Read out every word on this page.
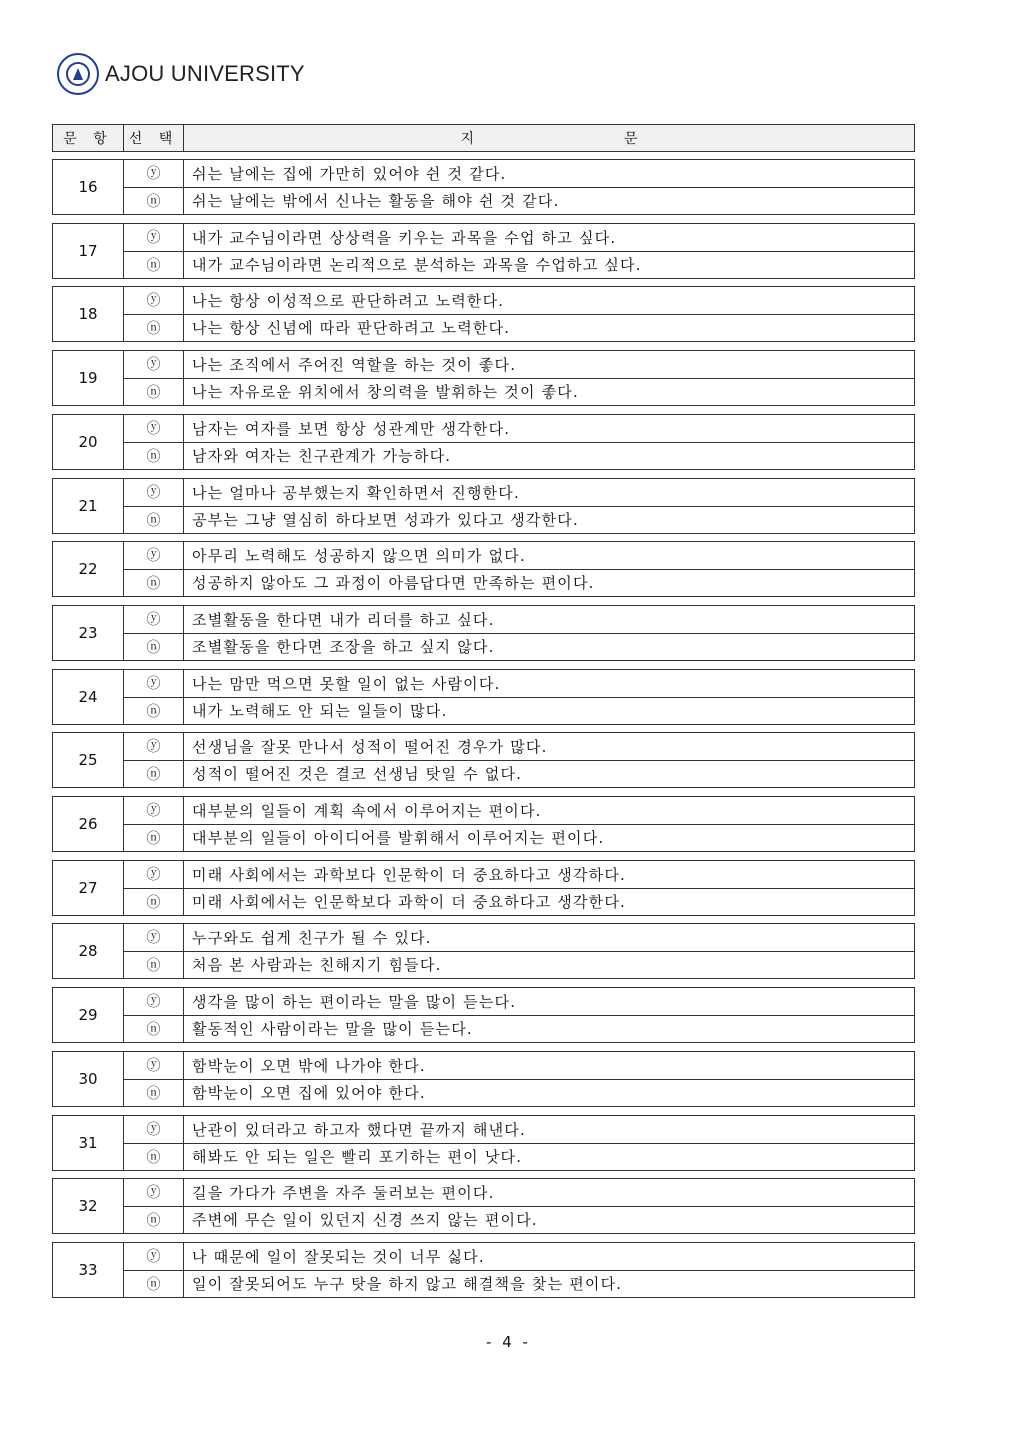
AJOU UNIVERSITY
문 항	선 택	지	문
16
ⓨ	쉬는 날에는 집에 가만히 있어야 쉰 것 같다.
ⓝ	쉬는 날에는 밖에서 신나는 활동을 해야 쉰 것 같다.
17
ⓨ	내가 교수님이라면 상상력을 키우는 과목을 수업 하고 싶다.
ⓝ	내가 교수님이라면 논리적으로 분석하는 과목을 수업하고 싶다.
18
ⓨ	나는 항상 이성적으로 판단하려고 노력한다.
ⓝ	나는 항상 신념에 따라 판단하려고 노력한다.
19
ⓨ	나는 조직에서 주어진 역할을 하는 것이 좋다.
ⓝ	나는 자유로운 위치에서 창의력을 발휘하는 것이 좋다.
20
ⓨ	남자는 여자를 보면 항상 성관계만 생각한다.
ⓝ	남자와 여자는 친구관계가 가능하다.
21
ⓨ	나는 얼마나 공부했는지 확인하면서 진행한다.
ⓝ	공부는 그냥 열심히 하다보면 성과가 있다고 생각한다.
22
ⓨ	아무리 노력해도 성공하지 않으면 의미가 없다.
ⓝ	성공하지 않아도 그 과정이 아름답다면 만족하는 편이다.
23
ⓨ	조별활동을 한다면 내가 리더를 하고 싶다.
ⓝ	조별활동을 한다면 조장을 하고 싶지 않다.
24
ⓨ	나는 맘만 먹으면 못할 일이 없는 사람이다.
ⓝ	내가 노력해도 안 되는 일들이 많다.
25
ⓨ	선생님을 잘못 만나서 성적이 떨어진 경우가 많다.
ⓝ	성적이 떨어진 것은 결코 선생님 탓일 수 없다.
26
ⓨ	대부분의 일들이 계획 속에서 이루어지는 편이다.
ⓝ	대부분의 일들이 아이디어를 발휘해서 이루어지는 편이다.
27
ⓨ	미래 사회에서는 과학보다 인문학이 더 중요하다고 생각하다.
ⓝ	미래 사회에서는 인문학보다 과학이 더 중요하다고 생각한다.
28
ⓨ	누구와도 쉽게 친구가 될 수 있다.
ⓝ	처음 본 사람과는 친해지기 힘들다.
29
ⓨ	생각을 많이 하는 편이라는 말을 많이 듣는다.
ⓝ	활동적인 사람이라는 말을 많이 듣는다.
30
ⓨ	함박눈이 오면 밖에 나가야 한다.
ⓝ	함박눈이 오면 집에 있어야 한다.
31
ⓨ	난관이 있더라고 하고자 했다면 끝까지 해낸다.
ⓝ	해봐도 안 되는 일은 빨리 포기하는 편이 낫다.
32
ⓨ	길을 가다가 주변을 자주 둘러보는 편이다.
ⓝ	주변에 무슨 일이 있던지 신경 쓰지 않는 편이다.
33
ⓨ	나 때문에 일이 잘못되는 것이 너무 싫다.
ⓝ	일이 잘못되어도 누구 탓을 하지 않고 해결책을 찾는 편이다.
- 4 -
